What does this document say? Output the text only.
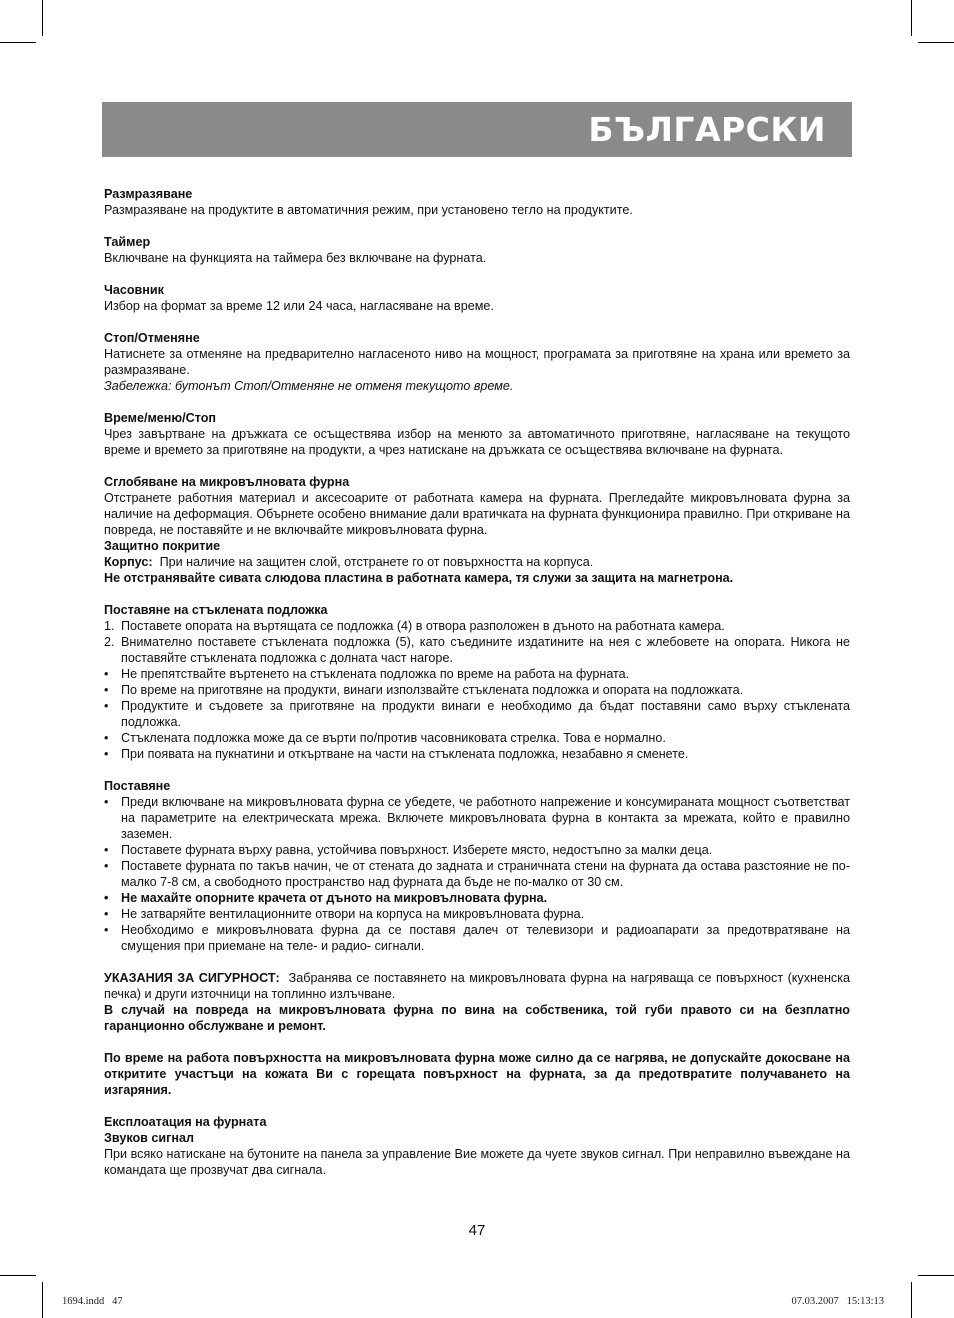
БЪЛГАРСКИ

Размразяване

Размразяване на продуктите в автоматичния режим, при установено тегло на продуктите.

Таймер

Включване на функцията на таймера без включване на фурната.

Часовник

Избор на формат за време 12 или 24 часа, нагласяване на време.

Стоп/Отменяне

Натиснете за отменяне на предварително нагласеното ниво на мощност, програмата за приготвяне на храна или времето за размразяване.

Забележка: бутонът Стоп/Отменяне не отменя текущото време.

Време/меню/Стоп

Чрез завъртване на дръжката се осъществява избор на менюто за автоматичното приготвяне, нагласяване на текущото време и времето за приготвяне на продукти, а чрез натискане на дръжката се осъществява включване на фурната.

Сглобяване на микровълновата фурна

Отстранете работния материал и аксесоарите от работната камера на фурната. Прегледайте микровълновата фурна за наличие на деформация. Обърнете особено внимание дали вратичката на фурната функционира правилно. При откриване на повреда, не поставяйте и не включвайте микровълновата фурна.

Защитно покритие

Корпус: При наличие на защитен слой, отстранете го от повърхността на корпуса.

Не отстранявайте сивата слюдова пластина в работната камера, тя служи за защита на магнетрона.

Поставяне на стъклената подложка

1. Поставете опората на въртящата се подложка (4) в отвора разположен в дъното на работната камера.
2. Внимателно поставете стъклената подложка (5), като съедините издатините на нея с жлебовете на опората. Никога не поставяйте стъклената подложка с долната част нагоре.
• Не препятствайте въртенето на стъклената подложка по време на работа на фурната.
• По време на приготвяне на продукти, винаги използвайте стъклената подложка и опората на подложката.
• Продуктите и съдовете за приготвяне на продукти винаги е необходимо да бъдат поставяни само върху стъклената подложка.
• Стъклената подложка може да се върти по/против часовниковата стрелка. Това е нормално.
• При появата на пукнатини и откъртване на части на стъклената подложка, незабавно я сменете.

Поставяне

• Преди включване на микровълновата фурна се убедете, че работното напрежение и консумираната мощност съответстват на параметрите на електрическата мрежа. Включете микровълновата фурна в контакта за мрежата, който е правилно заземен.
• Поставете фурната върху равна, устойчива повърхност. Изберете място, недостъпно за малки деца.
• Поставете фурната по такъв начин, че от стената до задната и страничната стени на фурната да остава разстояние не по-малко 7-8 см, а свободното пространство над фурната да бъде не по-малко от 30 см.
• Не махайте опорните крачета от дъното на микровълновата фурна.
• Не затваряйте вентилационните отвори на корпуса на микровълновата фурна.
• Необходимо е микровълновата фурна да се поставя далеч от телевизори и радиоапарати за предотвратяване на смущения при приемане на теле- и радио- сигнали.

УКАЗАНИЯ ЗА СИГУРНОСТ: Забранява се поставянето на микровълновата фурна на нагряваща се повърхност (кухненска печка) и други източници на топлинно излъчване.

В случай на повреда на микровълновата фурна по вина на собственика, той губи правото си на безплатно гаранционно обслужване и ремонт.

По време на работа повърхността на микровълновата фурна може силно да се нагрява, не допускайте докосване на откритите участъци на кожата Ви с горещата повърхност на фурната, за да предотвратите получаването на изгаряния.

Експлоатация на фурната

Звуков сигнал

При всяко натискане на бутоните на панела за управление Вие можете да чуете звуков сигнал. При неправилно въвеждане на командата ще прозвучат два сигнала.

47
1694.indd   47	07.03.2007   15:13:13
